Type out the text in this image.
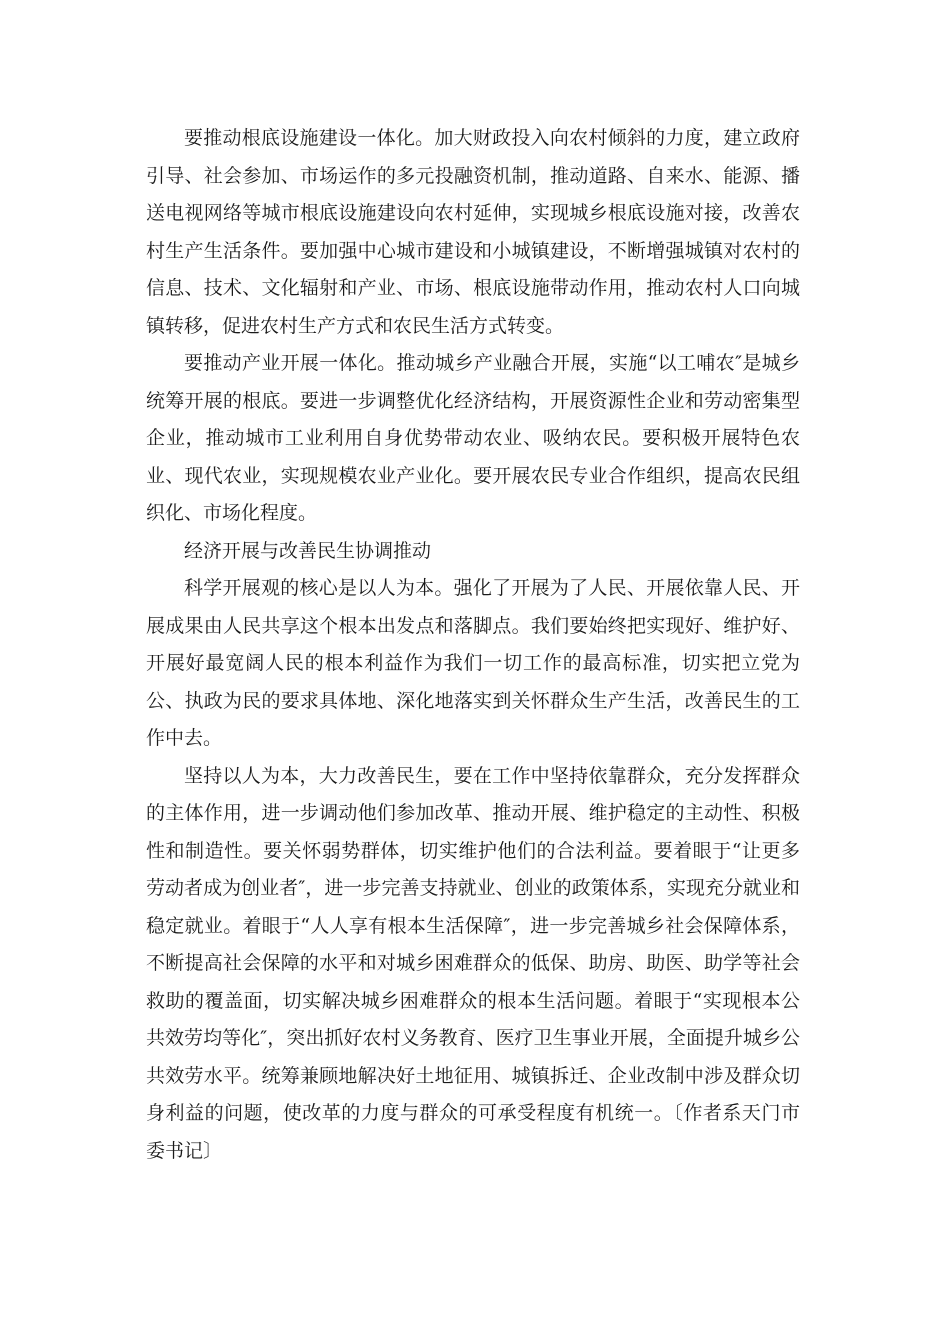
要推动根底设施建设一体化。加大财政投入向农村倾斜的力度，建立政府引导、社会参加、市场运作的多元投融资机制，推动道路、自来水、能源、播送电视网络等城市根底设施建设向农村延伸，实现城乡根底设施对接，改善农村生产生活条件。要加强中心城市建设和小城镇建设，不断增强城镇对农村的信息、技术、文化辐射和产业、市场、根底设施带动作用，推动农村人口向城镇转移，促进农村生产方式和农民生活方式转变。

要推动产业开展一体化。推动城乡产业融合开展，实施“以工哺农″是城乡统筹开展的根底。要进一步调整优化经济结构，开展资源性企业和劳动密集型企业，推动城市工业利用自身优势带动农业、吸纳农民。要积极开展特色农业、现代农业，实现规模农业产业化。要开展农民专业合作组织，提高农民组织化、市场化程度。

经济开展与改善民生协调推动

科学开展观的核心是以人为本。强化了开展为了人民、开展依靠人民、开展成果由人民共享这个根本出发点和落脚点。我们要始终把实现好、维护好、开展好最宽阔人民的根本利益作为我们一切工作的最高标准，切实把立党为公、执政为民的要求具体地、深化地落实到关怀群众生产生活，改善民生的工作中去。

坚持以人为本，大力改善民生，要在工作中坚持依靠群众，充分发挥群众的主体作用，进一步调动他们参加改革、推动开展、维护稳定的主动性、积极性和制造性。要关怀弱势群体，切实维护他们的合法利益。要着眼于“让更多劳动者成为创业者″，进一步完善支持就业、创业的政策体系，实现充分就业和稳定就业。着眼于“人人享有根本生活保障″，进一步完善城乡社会保障体系，不断提高社会保障的水平和对城乡困难群众的低保、助房、助医、助学等社会救助的覆盖面，切实解决城乡困难群众的根本生活问题。着眼于“实现根本公共效劳均等化″，突出抓好农村义务教育、医疗卫生事业开展，全面提升城乡公共效劳水平。统筹兼顾地解决好土地征用、城镇拆迁、企业改制中涉及群众切身利益的问题，使改革的力度与群众的可承受程度有机统一。〔作者系天门市委书记〕
